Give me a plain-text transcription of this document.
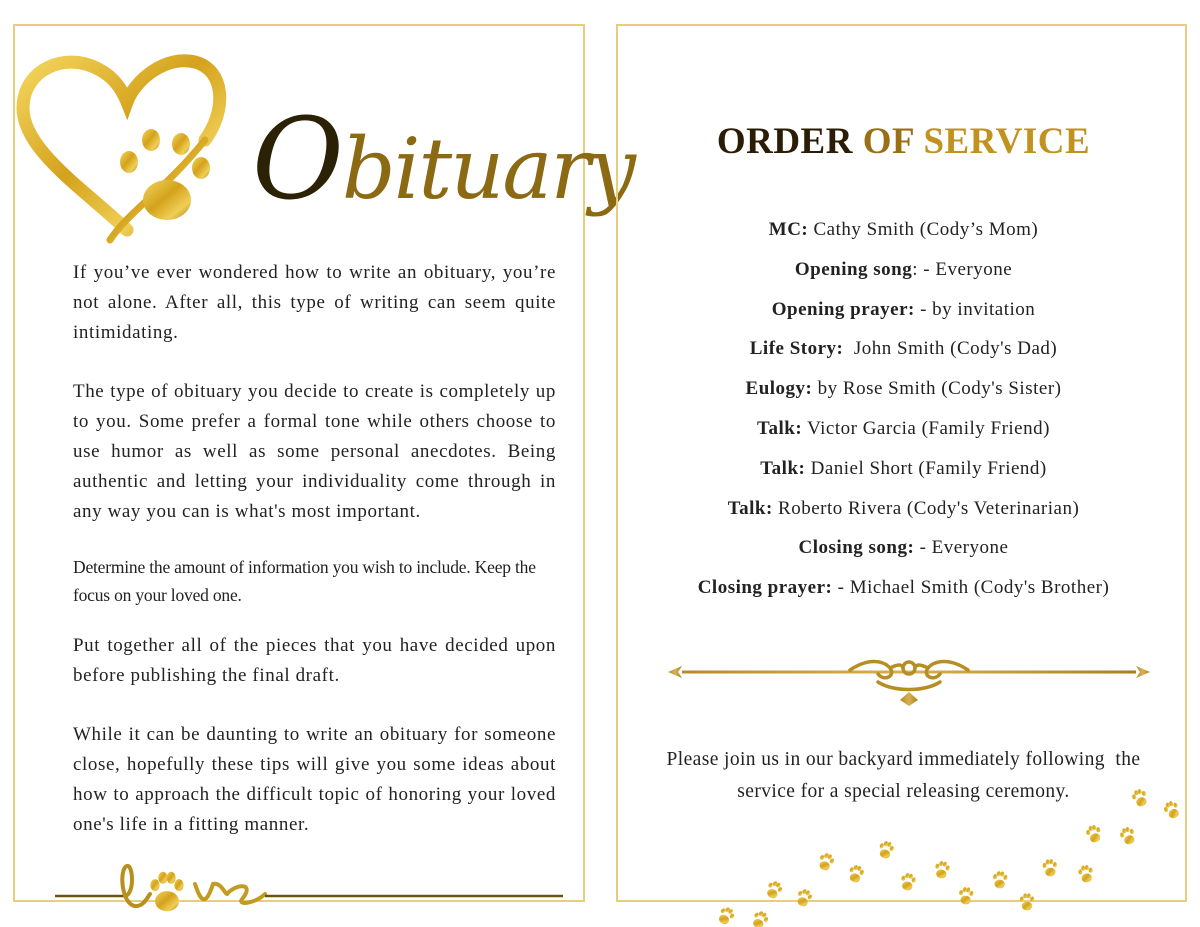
Obituary
If you’ve ever wondered how to write an obituary, you’re not alone. After all, this type of writing can seem quite intimidating.
The type of obituary you decide to create is completely up to you. Some prefer a formal tone while others choose to use humor as well as some personal anecdotes. Being authentic and letting your individuality come through in any way you can is what's most important.
Determine the amount of information you wish to include. Keep the focus on your loved one.
Put together all of the pieces that you have decided upon before publishing the final draft.
While it can be daunting to write an obituary for someone close, hopefully these tips will give you some ideas about how to approach the difficult topic of honoring your loved one's life in a fitting manner.
ORDER OF SERVICE
MC: Cathy Smith (Cody’s Mom)
Opening song: - Everyone
Opening prayer: - by invitation
Life Story:  John Smith (Cody's Dad)
Eulogy: by Rose Smith (Cody's Sister)
Talk: Victor Garcia (Family Friend)
Talk: Daniel Short (Family Friend)
Talk: Roberto Rivera (Cody's Veterinarian)
Closing song: - Everyone
Closing prayer: - Michael Smith (Cody's Brother)
Please join us in our backyard immediately following  the
service for a special releasing ceremony.
